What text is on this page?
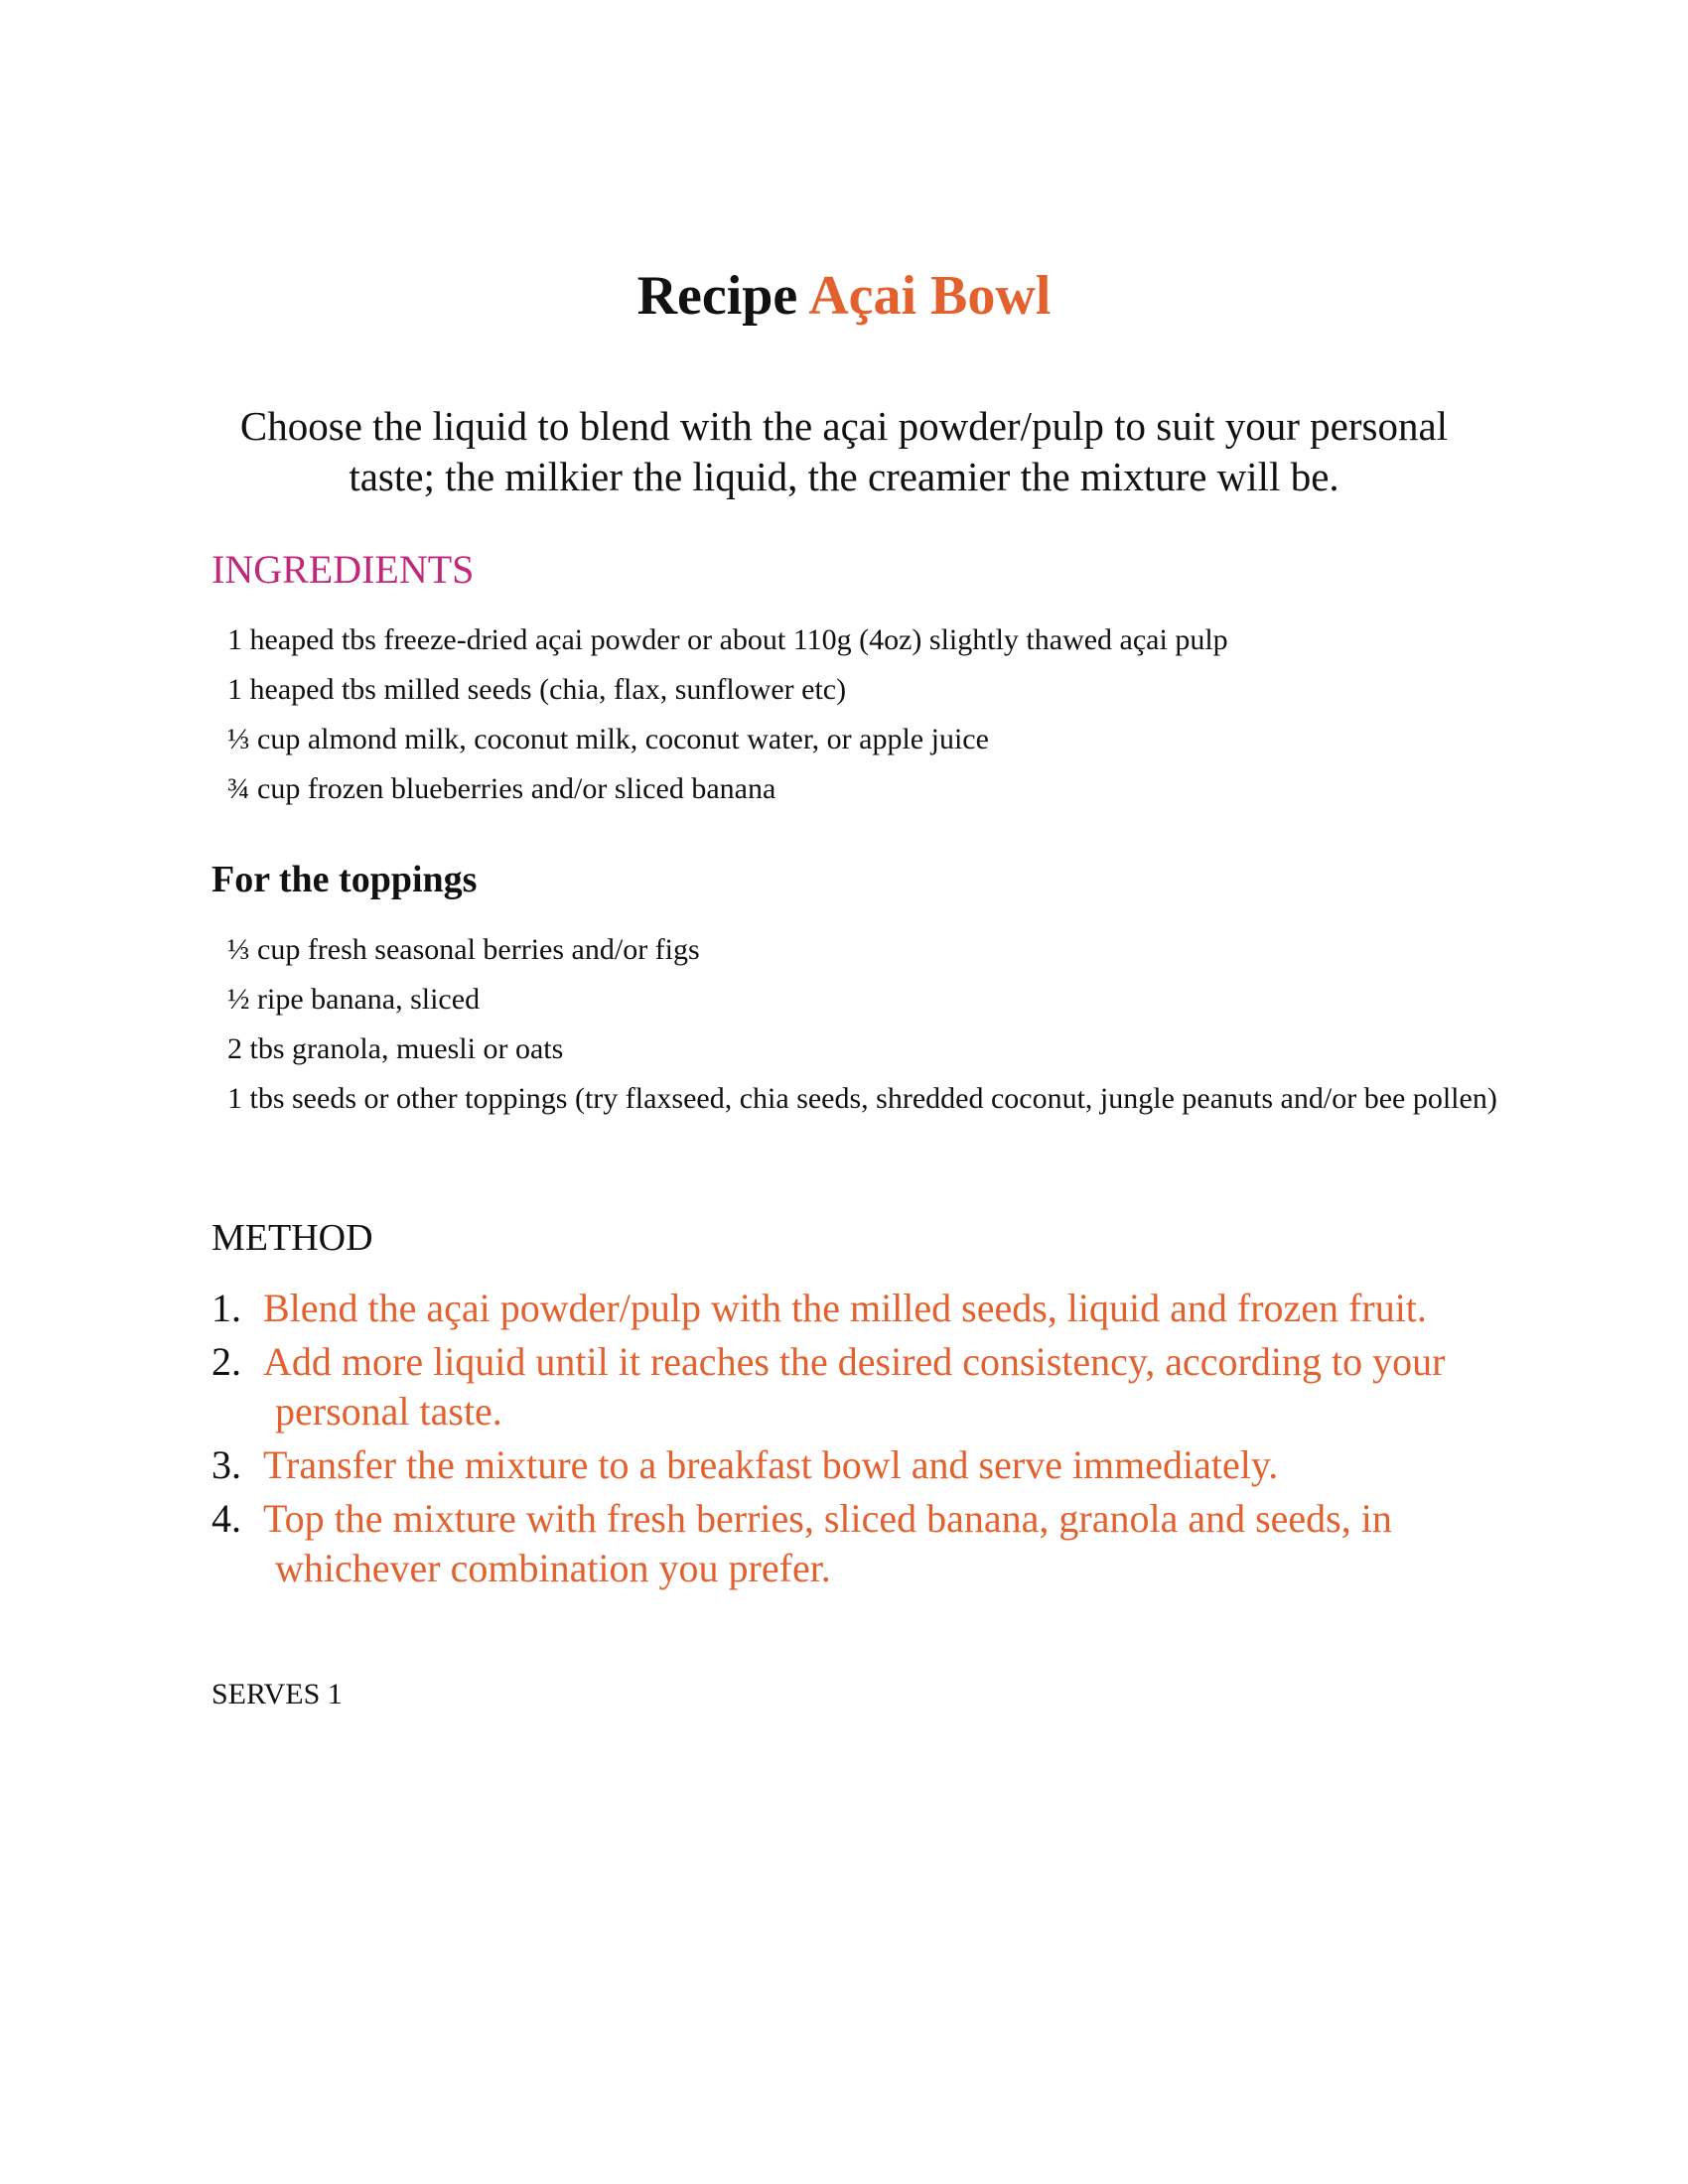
Recipe Açai Bowl

Choose the liquid to blend with the açai powder/pulp to suit your personal taste; the milkier the liquid, the creamier the mixture will be.

INGREDIENTS
1 heaped tbs freeze-dried açai powder or about 110g (4oz) slightly thawed açai pulp
1 heaped tbs milled seeds (chia, flax, sunflower etc)
⅓ cup almond milk, coconut milk, coconut water, or apple juice
¾ cup frozen blueberries and/or sliced banana
For the toppings
⅓ cup fresh seasonal berries and/or figs
½ ripe banana, sliced
2 tbs granola, muesli or oats
1 tbs seeds or other toppings (try flaxseed, chia seeds, shredded coconut, jungle peanuts and/or bee pollen)
METHOD
1. Blend the açai powder/pulp with the milled seeds, liquid and frozen fruit.
2. Add more liquid until it reaches the desired consistency, according to your personal taste.
3. Transfer the mixture to a breakfast bowl and serve immediately.
4. Top the mixture with fresh berries, sliced banana, granola and seeds, in whichever combination you prefer.

SERVES 1
